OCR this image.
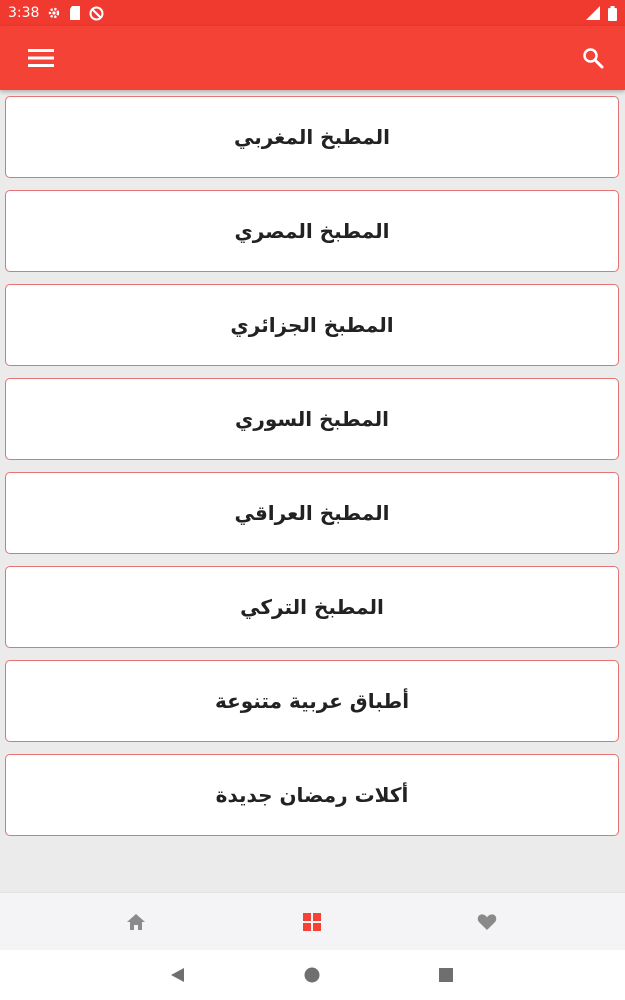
3:38
المطبخ المغربي
المطبخ المصري
المطبخ الجزائري
المطبخ السوري
المطبخ العراقي
المطبخ التركي
أطباق عربية متنوعة
أكلات رمضان جديدة
